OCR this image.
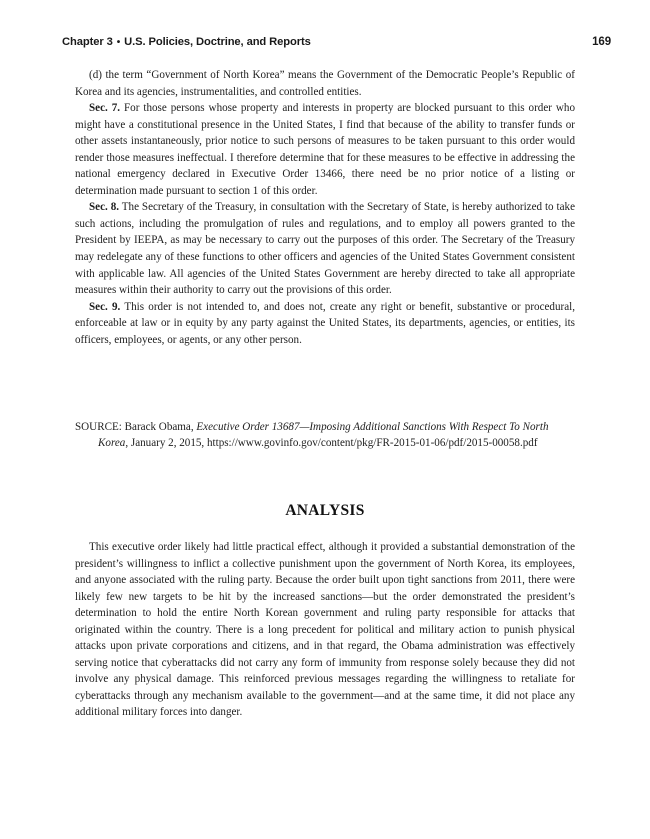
Chapter 3 • U.S. Policies, Doctrine, and Reports	169

(d) the term “Government of North Korea” means the Government of the Democratic People’s Republic of Korea and its agencies, instrumentalities, and controlled entities.

Sec. 7. For those persons whose property and interests in property are blocked pursuant to this order who might have a constitutional presence in the United States, I find that because of the ability to transfer funds or other assets instantaneously, prior notice to such persons of measures to be taken pursuant to this order would render those measures ineffectual. I therefore determine that for these measures to be effective in addressing the national emergency declared in Executive Order 13466, there need be no prior notice of a listing or determination made pursuant to section 1 of this order.

Sec. 8. The Secretary of the Treasury, in consultation with the Secretary of State, is hereby authorized to take such actions, including the promulgation of rules and regulations, and to employ all powers granted to the President by IEEPA, as may be necessary to carry out the purposes of this order. The Secretary of the Treasury may redelegate any of these functions to other officers and agencies of the United States Government consistent with applicable law. All agencies of the United States Government are hereby directed to take all appropriate measures within their authority to carry out the provisions of this order.

Sec. 9. This order is not intended to, and does not, create any right or benefit, substantive or procedural, enforceable at law or in equity by any party against the United States, its departments, agencies, or entities, its officers, employees, or agents, or any other person.

SOURCE: Barack Obama, Executive Order 13687—Imposing Additional Sanctions With Respect To North Korea, January 2, 2015, https://www.govinfo.gov/content/pkg/FR-2015-01-06/pdf/2015-00058.pdf
ANALYSIS

This executive order likely had little practical effect, although it provided a substantial demonstration of the president’s willingness to inflict a collective punishment upon the government of North Korea, its employees, and anyone associated with the ruling party. Because the order built upon tight sanctions from 2011, there were likely few new targets to be hit by the increased sanctions—but the order demonstrated the president’s determination to hold the entire North Korean government and ruling party responsible for attacks that originated within the country. There is a long precedent for political and military action to punish physical attacks upon private corporations and citizens, and in that regard, the Obama administration was effectively serving notice that cyberattacks did not carry any form of immunity from response solely because they did not involve any physical damage. This reinforced previous messages regarding the willingness to retaliate for cyberattacks through any mechanism available to the government—and at the same time, it did not place any additional military forces into danger.
